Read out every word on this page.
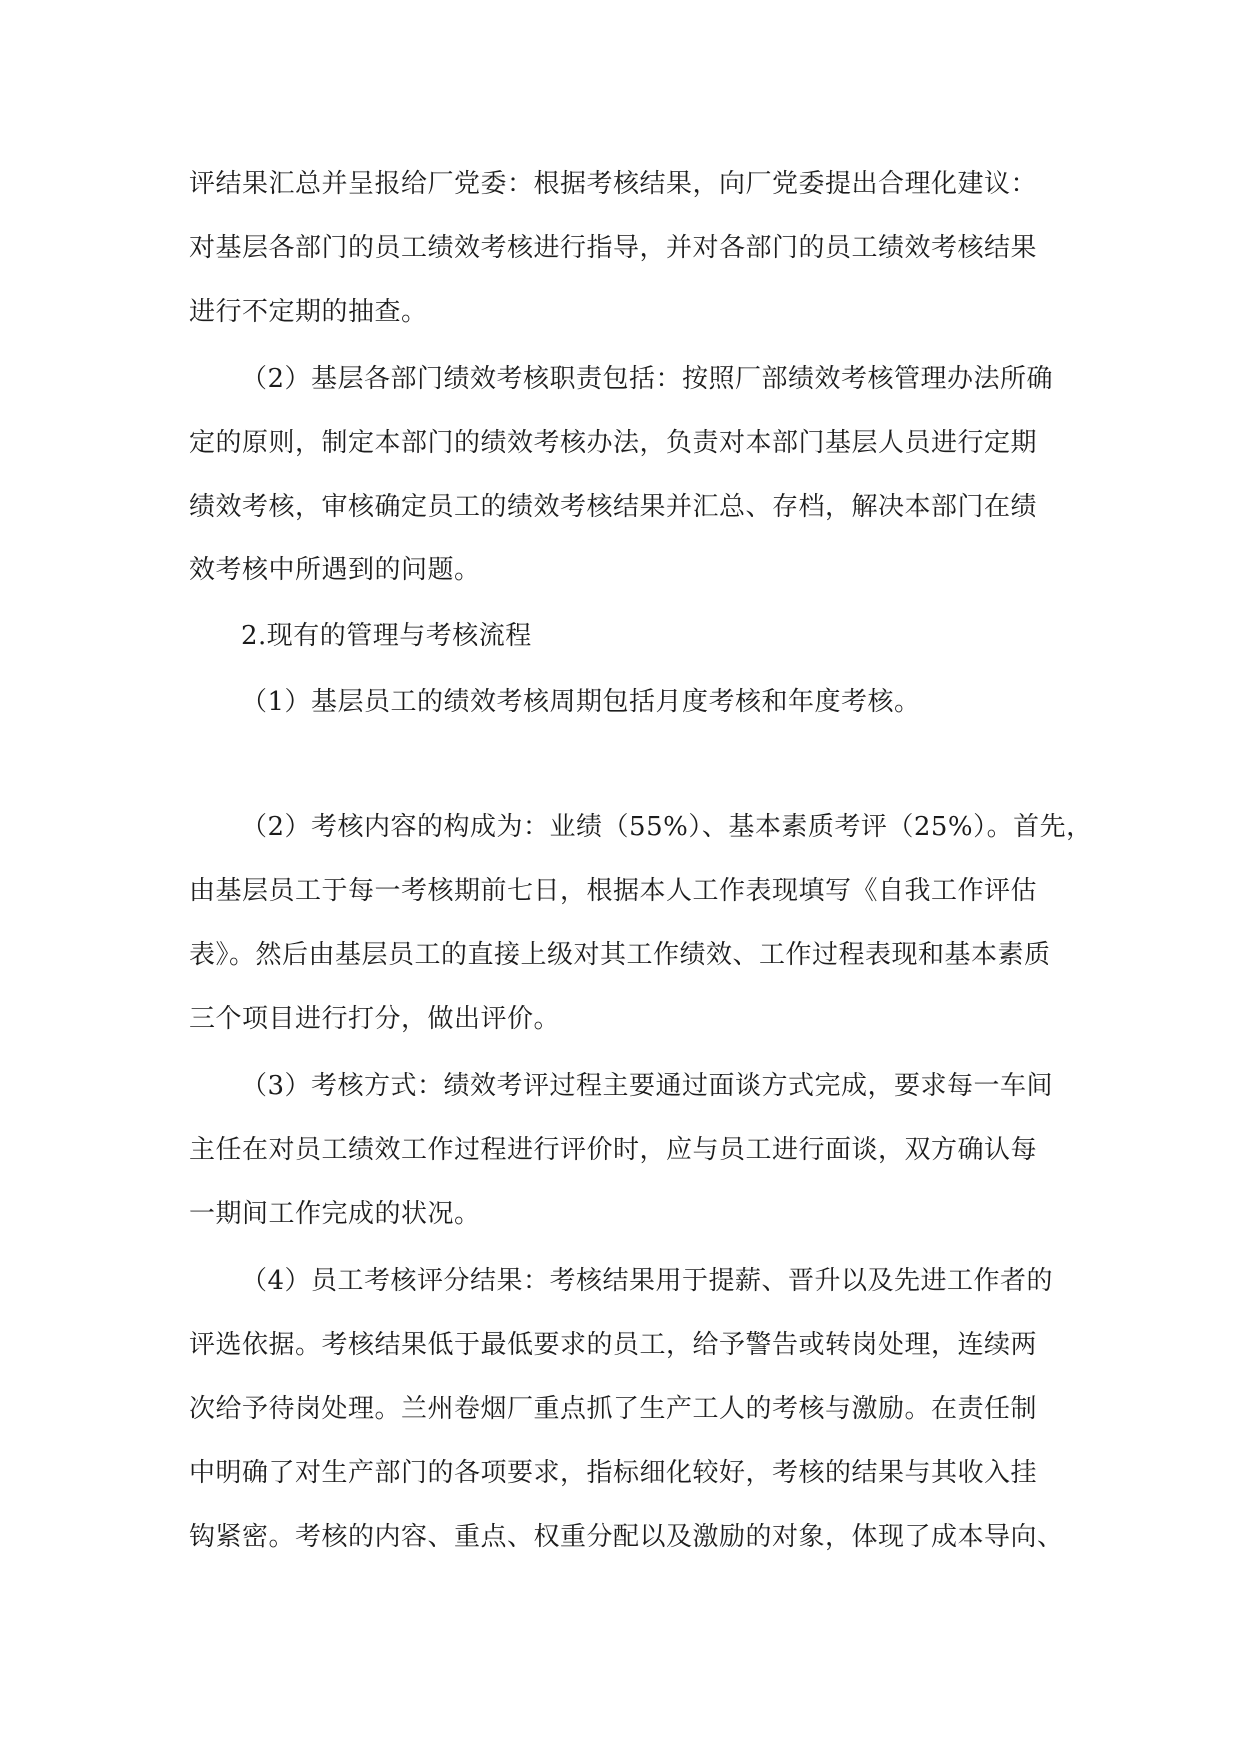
评结果汇总并呈报给厂党委：根据考核结果，向厂党委提出合理化建议：
对基层各部门的员工绩效考核进行指导，并对各部门的员工绩效考核结果
进行不定期的抽查。
（2）基层各部门绩效考核职责包括：按照厂部绩效考核管理办法所确
定的原则，制定本部门的绩效考核办法，负责对本部门基层人员进行定期
绩效考核，审核确定员工的绩效考核结果并汇总、存档，解决本部门在绩
效考核中所遇到的问题。
2.现有的管理与考核流程
（1）基层员工的绩效考核周期包括月度考核和年度考核。
（2）考核内容的构成为：业绩（55%）、基本素质考评（25%）。首先，
由基层员工于每一考核期前七日，根据本人工作表现填写《自我工作评估
表》。然后由基层员工的直接上级对其工作绩效、工作过程表现和基本素质
三个项目进行打分，做出评价。
（3）考核方式：绩效考评过程主要通过面谈方式完成，要求每一车间
主任在对员工绩效工作过程进行评价时，应与员工进行面谈，双方确认每
一期间工作完成的状况。
（4）员工考核评分结果：考核结果用于提薪、晋升以及先进工作者的
评选依据。考核结果低于最低要求的员工，给予警告或转岗处理，连续两
次给予待岗处理。兰州卷烟厂重点抓了生产工人的考核与激励。在责任制
中明确了对生产部门的各项要求，指标细化较好，考核的结果与其收入挂
钩紧密。考核的内容、重点、权重分配以及激励的对象，体现了成本导向、
